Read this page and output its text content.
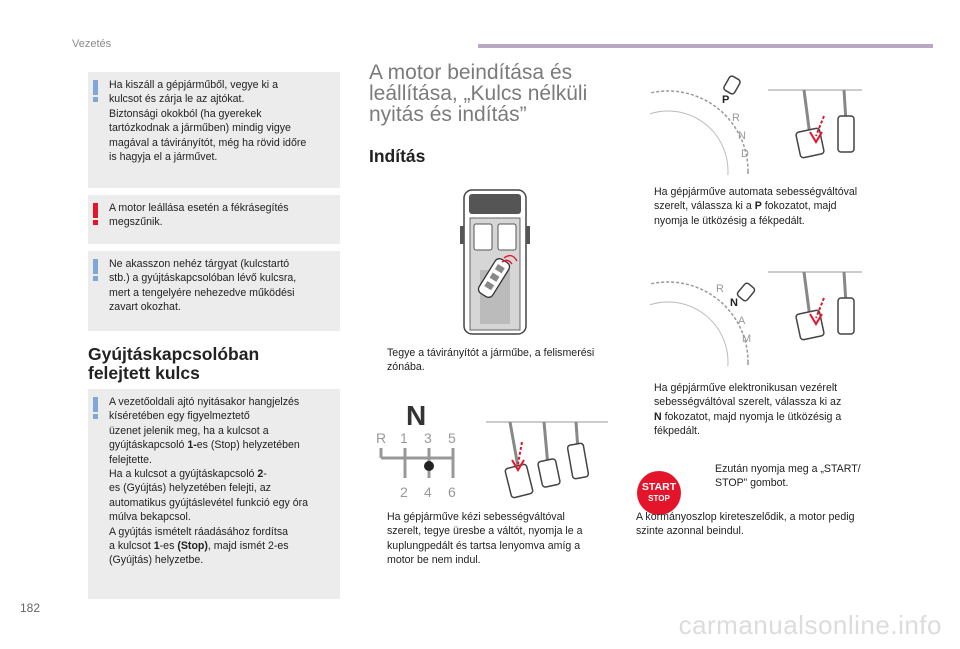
Vezetés

Ha kiszáll a gépjárműből, vegye ki a
kulcsot és zárja le az ajtókat.
Biztonsági okokból (ha gyerekek
tartózkodnak a járműben) mindig vigye
magával a távirányítót, még ha rövid időre
is hagyja el a járművet.

A motor leállása esetén a fékrásegítés
megszűnik.

Ne akasszon nehéz tárgyat (kulcstartó
stb.) a gyújtáskapcsolóban lévő kulcsra,
mert a tengelyére nehezedve működési
zavart okozhat.

Gyújtáskapcsolóban
felejtett kulcs
A vezetőoldali ajtó nyitásakor hangjelzés
kíséretében egy figyelmeztető
üzenet jelenik meg, ha a kulcsot a
gyújtáskapcsoló 1-es (Stop) helyzetében
felejtette.
Ha a kulcsot a gyújtáskapcsoló 2-
es (Gyújtás) helyzetében felejti, az
automatikus gyújtáslevétel funkció egy óra
múlva bekapcsol.
A gyújtás ismételt ráadásához fordítsa
a kulcsot 1-es (Stop), majd ismét 2-es
(Gyújtás) helyzetbe.
A motor beindítása és
leállítása, „Kulcs nélküli
nyitás és indítás”
Indítás
Tegye a távirányítót a járműbe, a felismerési
zónába.
N
R 1 3 5
2 4 6
Ha gépjárműve kézi sebességváltóval
szerelt, tegye üresbe a váltót, nyomja le a
kuplungpedált és tartsa lenyomva amíg a
motor be nem indul.
P
R
N
D
Ha gépjárműve automata sebességváltóval
szerelt, válassza ki a P fokozatot, majd
nyomja le ütközésig a fékpedált.
R
N
A
M
Ha gépjárműve elektronikusan vezérelt
sebességváltóval szerelt, válassza ki az
N fokozatot, majd nyomja le ütközésig a
fékpedált.
START
STOP
Ezután nyomja meg a „START/
STOP” gombot.
A kormányoszlop kireteszelődik, a motor pedig
szinte azonnal beindul.
182
carmanualsonline.info
